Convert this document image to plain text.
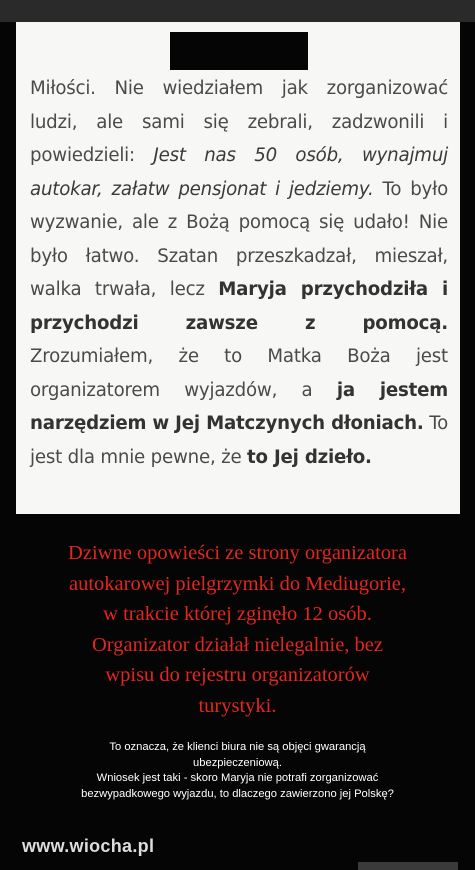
Miłości. Nie wiedziałem jak zorganizować ludzi, ale sami się zebrali, zadzwonili i powiedzieli: Jest nas 50 osób, wynajmuj autokar, załatw pensjonat i jedziemy. To było wyzwanie, ale z Bożą pomocą się udało! Nie było łatwo. Szatan przeszkadzał, mieszał, walka trwała, lecz Maryja przychodziła i przychodzi zawsze z pomocą. Zrozumiałem, że to Matka Boża jest organizatorem wyjazdów, a ja jestem narzędziem w Jej Matczynych dłoniach. To jest dla mnie pewne, że to Jej dzieło.
Dziwne opowieści ze strony organizatora
autokarowej pielgrzymki do Mediugorie,
w trakcie której zginęło 12 osób.
Organizator działał nielegalnie, bez
wpisu do rejestru organizatorów
turystyki.
To oznacza, że klienci biura nie są objęci gwarancją
ubezpieczeniową.
Wniosek jest taki - skoro Maryja nie potrafi zorganizować
bezwypadkowego wyjazdu, to dlaczego zawierzono jej Polskę?
www.wiocha.pl
